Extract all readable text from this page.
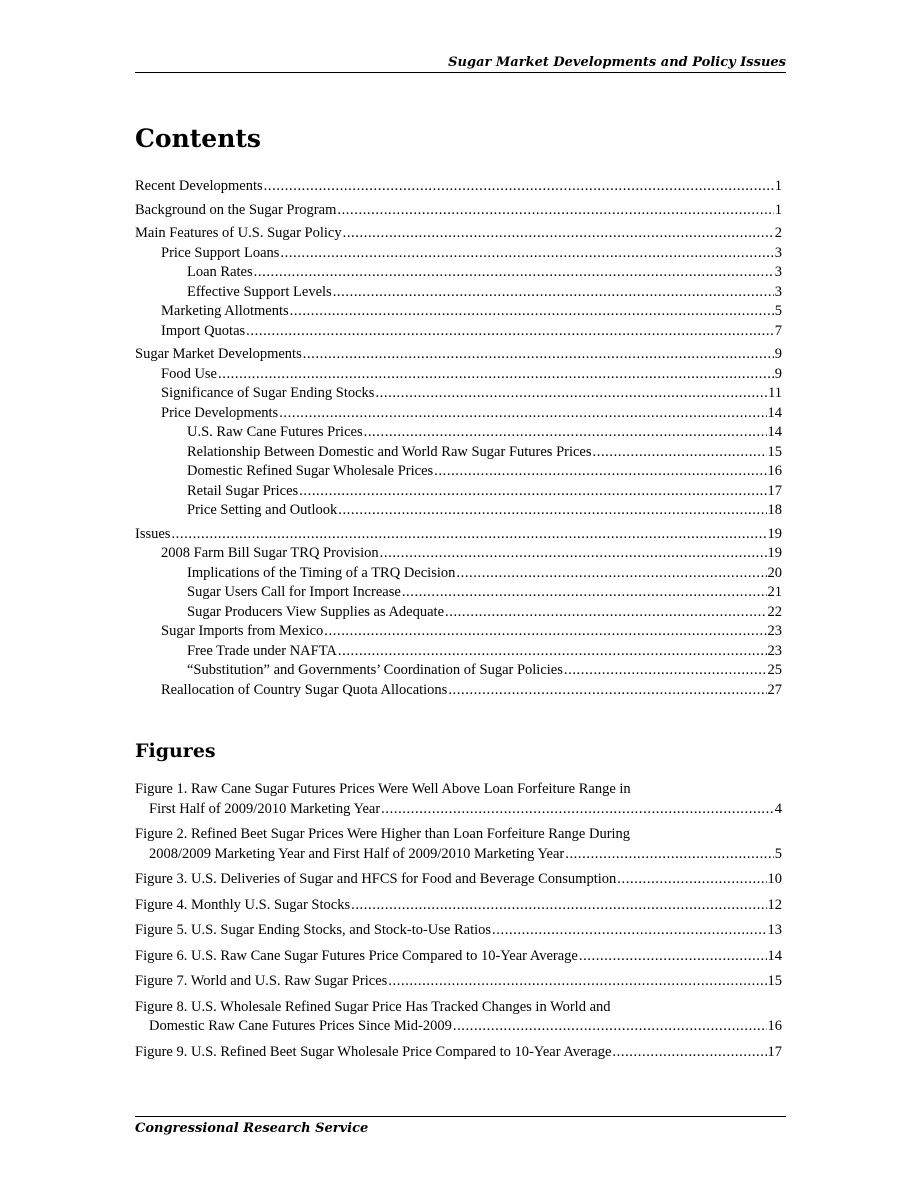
Sugar Market Developments and Policy Issues
Contents
Recent Developments .....	1
Background on the Sugar Program .....	1
Main Features of U.S. Sugar Policy .....	2
Price Support Loans .....	3
Loan Rates .....	3
Effective Support Levels .....	3
Marketing Allotments .....	5
Import Quotas .....	7
Sugar Market Developments .....	9
Food Use .....	9
Significance of Sugar Ending Stocks .....	11
Price Developments .....	14
U.S. Raw Cane Futures Prices .....	14
Relationship Between Domestic and World Raw Sugar Futures Prices .....	15
Domestic Refined Sugar Wholesale Prices .....	16
Retail Sugar Prices .....	17
Price Setting and Outlook .....	18
Issues .....	19
2008 Farm Bill Sugar TRQ Provision .....	19
Implications of the Timing of a TRQ Decision .....	20
Sugar Users Call for Import Increase .....	21
Sugar Producers View Supplies as Adequate .....	22
Sugar Imports from Mexico .....	23
Free Trade under NAFTA .....	23
“Substitution” and Governments’ Coordination of Sugar Policies .....	25
Reallocation of Country Sugar Quota Allocations .....	27
Figures
Figure 1. Raw Cane Sugar Futures Prices Were Well Above Loan Forfeiture Range in
First Half of 2009/2010 Marketing Year .....	4
Figure 2. Refined Beet Sugar Prices Were Higher than Loan Forfeiture Range During
2008/2009 Marketing Year and First Half of 2009/2010 Marketing Year .....	5
Figure 3. U.S. Deliveries of Sugar and HFCS for Food and Beverage Consumption .....	10
Figure 4. Monthly U.S. Sugar Stocks .....	12
Figure 5. U.S. Sugar Ending Stocks, and Stock-to-Use Ratios .....	13
Figure 6. U.S. Raw Cane Sugar Futures Price Compared to 10-Year Average .....	14
Figure 7. World and U.S. Raw Sugar Prices .....	15
Figure 8. U.S. Wholesale Refined Sugar Price Has Tracked Changes in World and
Domestic Raw Cane Futures Prices Since Mid-2009 .....	16
Figure 9. U.S. Refined Beet Sugar Wholesale Price Compared to 10-Year Average .....	17
Congressional Research Service
